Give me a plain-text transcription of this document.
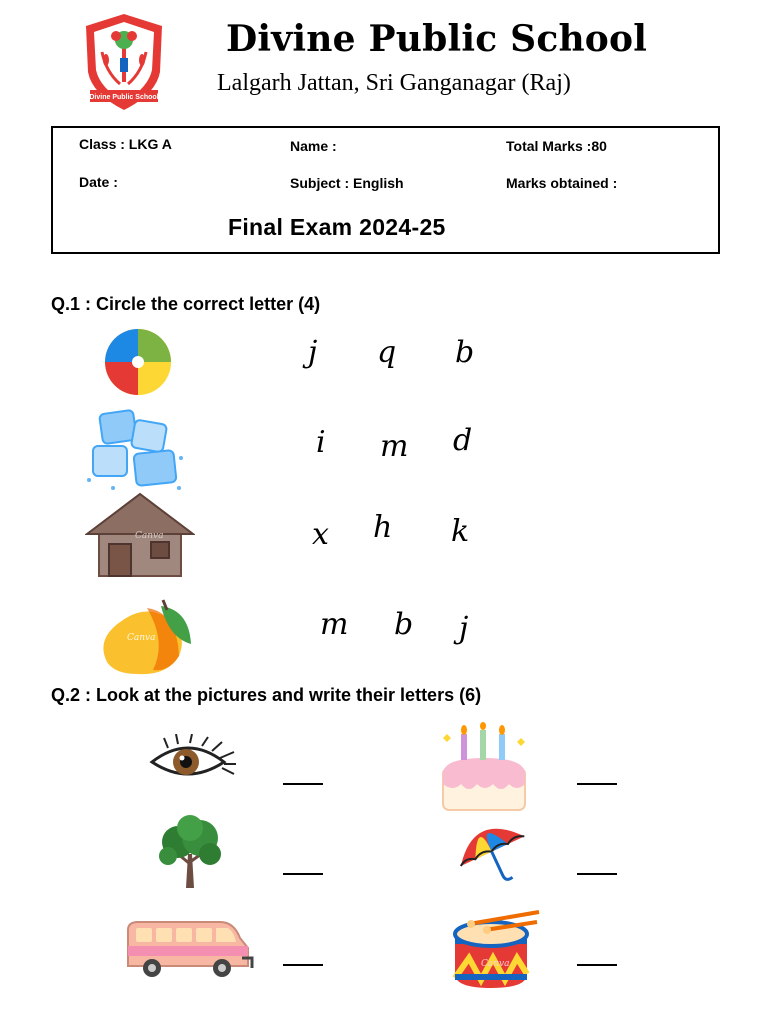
Divine Public School
Divine Public School
Lalgarh Jattan, Sri Ganganagar (Raj)
Class : LKG A	Name :	Total Marks :80
Date :	Subject : English	Marks obtained :
Final Exam 2024-25
Q.1 : Circle the correct letter (4)
Canva
Canva
j q b
i m d
x h k
m b j
Q.2 : Look at the pictures and write their letters (6)
Canva
